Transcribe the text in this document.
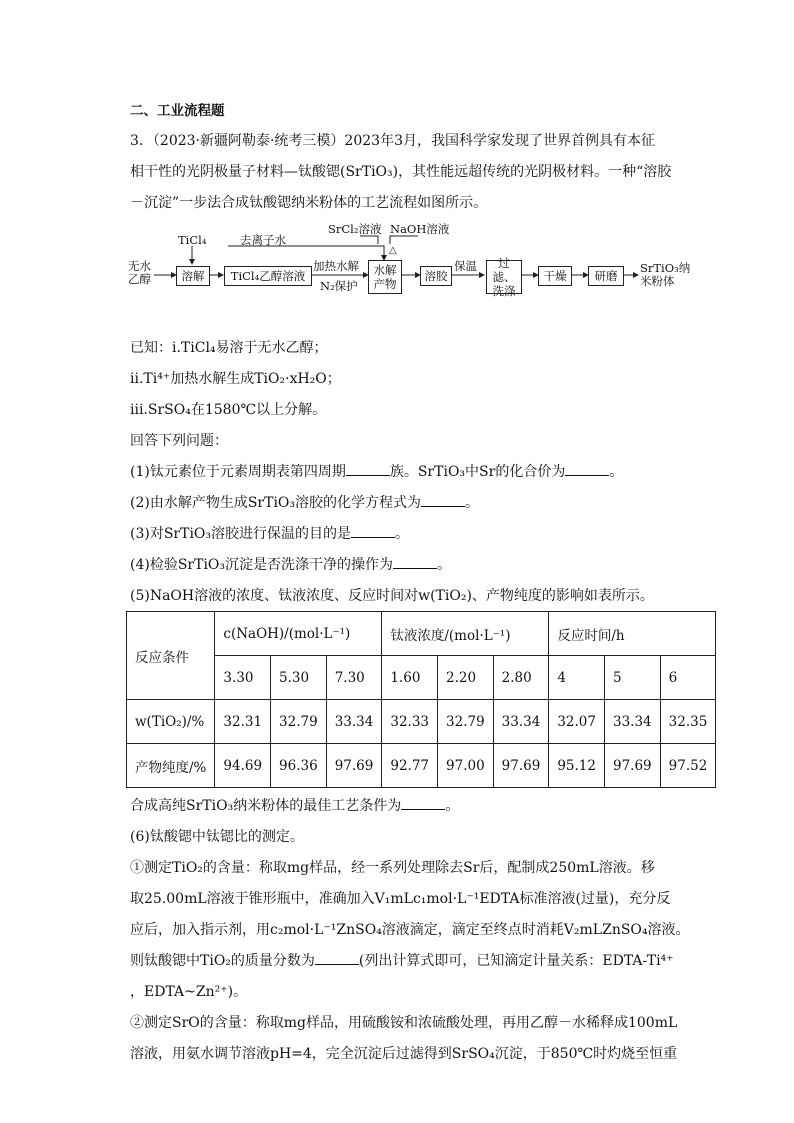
二、工业流程题
3．（2023·新疆阿勒泰·统考三模）2023年3月，我国科学家发现了世界首例具有本征
相干性的光阴极量子材料—钛酸锶(SrTiO₃)，其性能远超传统的光阴极材料。一种“溶胶
－沉淀”一步法合成钛酸锶纳米粉体的工艺流程如图所示。
无水乙醇
TiCl₄
溶解	TiCl₄乙醇溶液
去离子水
加热水解
N₂保护
SrCl₂溶液 NaOH溶液
△
水解产物
溶胶
保温	过滤、洗涤
干燥	研磨
SrTiO₃纳米粉体
已知：i.TiCl₄易溶于无水乙醇；
ii.Ti⁴⁺加热水解生成TiO₂·xH₂O；
iii.SrSO₄在1580℃以上分解。
回答下列问题：
(1)钛元素位于元素周期表第四周期	族。SrTiO₃中Sr的化合价为	。
(2)由水解产物生成SrTiO₃溶胶的化学方程式为	。
(3)对SrTiO₃溶胶进行保温的目的是	。
(4)检验SrTiO₃沉淀是否洗涤干净的操作为	。
(5)NaOH溶液的浓度、钛液浓度、反应时间对w(TiO₂)、产物纯度的影响如表所示。
反应条件	c(NaOH)/(mol·L⁻¹)			钛液浓度/(mol·L⁻¹)			反应时间/h		
	3.30	5.30	7.30	1.60	2.20	2.80	4	5	6
w(TiO₂)/%	32.31	32.79	33.34	32.33	32.79	33.34	32.07	33.34	32.35
产物纯度/%	94.69	96.36	97.69	92.77	97.00	97.69	95.12	97.69	97.52
合成高纯SrTiO₃纳米粉体的最佳工艺条件为	。
(6)钛酸锶中钛锶比的测定。
①测定TiO₂的含量：称取mg样品，经一系列处理除去Sr后，配制成250mL溶液。移
取25.00mL溶液于锥形瓶中，准确加入V₁mLc₁mol·L⁻¹EDTA标准溶液(过量)，充分反
应后，加入指示剂，用c₂mol·L⁻¹ZnSO₄溶液滴定，滴定至终点时消耗V₂mLZnSO₄溶液。
则钛酸锶中TiO₂的质量分数为	(列出计算式即可，已知滴定计量关系：EDTA-Ti⁴⁺
，EDTA~Zn²⁺)。
②测定SrO的含量：称取mg样品，用硫酸铵和浓硫酸处理，再用乙醇－水稀释成100mL
溶液，用氨水调节溶液pH=4，完全沉淀后过滤得到SrSO₄沉淀，于850℃时灼烧至恒重
